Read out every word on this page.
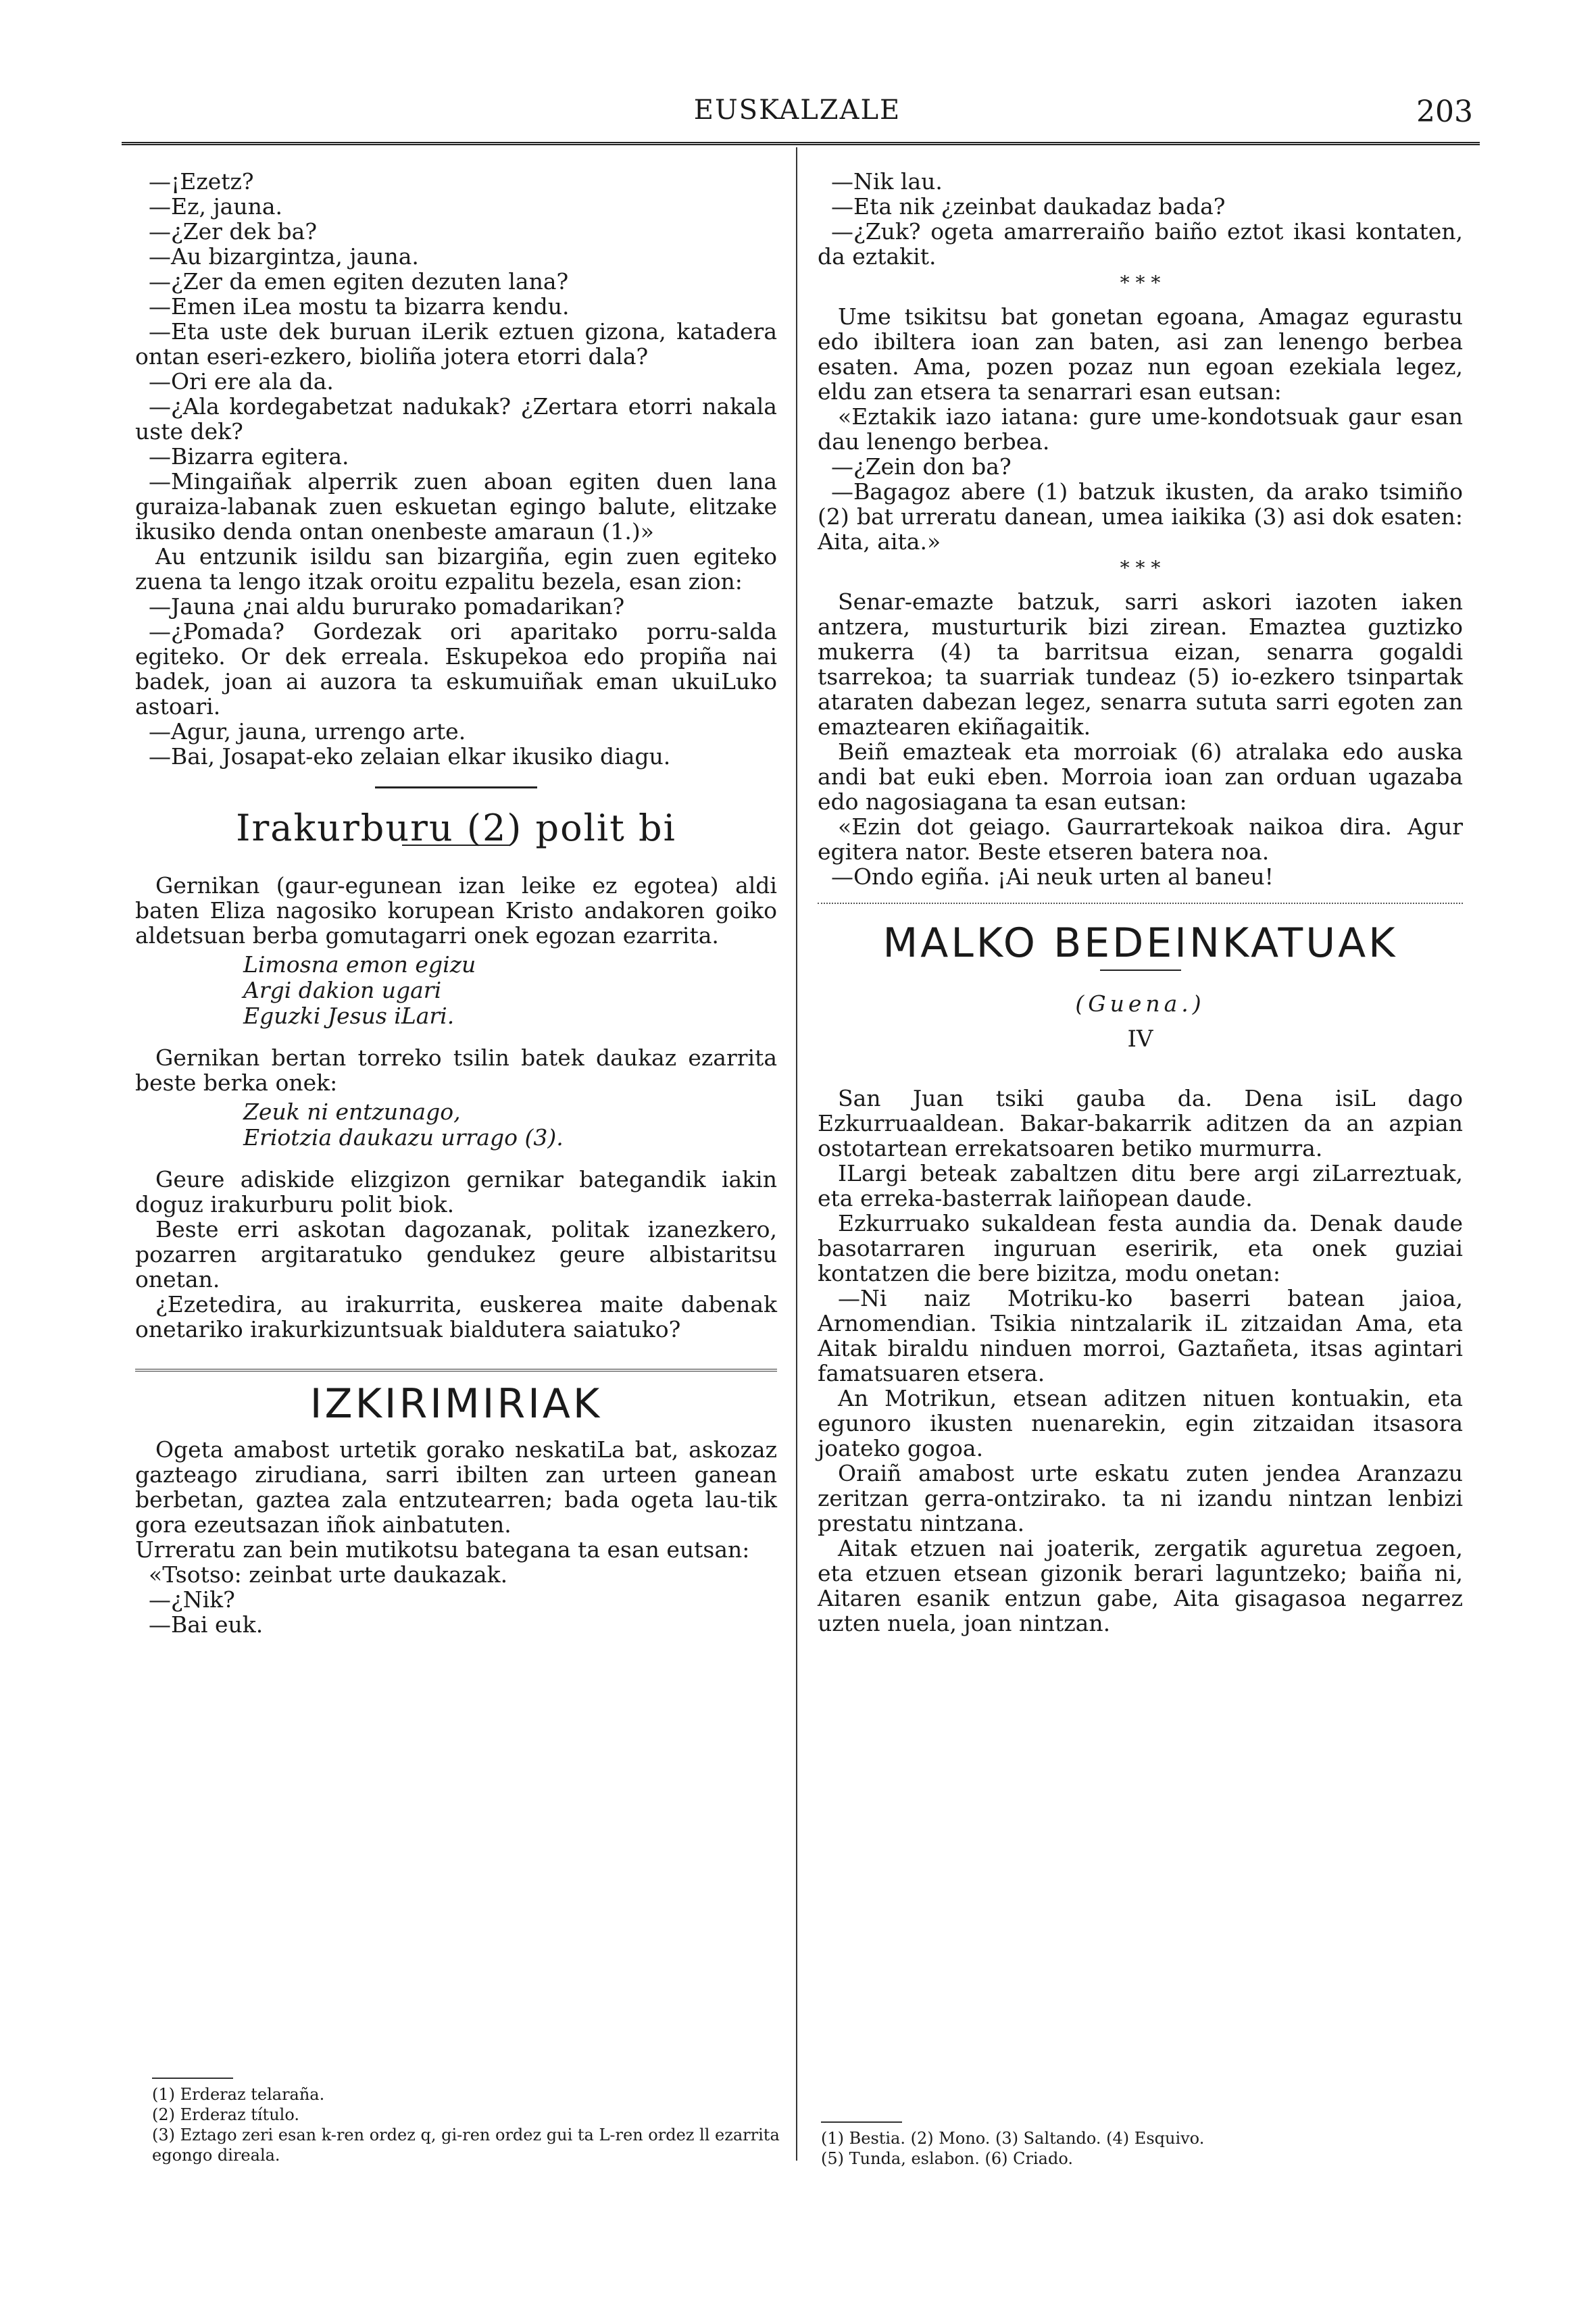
EUSKALZALE	203

—¡Ezetz?

—Ez, jauna.

—¿Zer dek ba?

—Au bizargintza, jauna.

—¿Zer da emen egiten dezuten lana?

—Emen iLea mostu ta bizarra kendu.

—Eta uste dek buruan iLerik eztuen gizona, katadera ontan eseri-ezkero, bioliña jotera etorri dala?

—Ori ere ala da.

—¿Ala kordegabetzat nadukak? ¿Zertara etorri nakala uste dek?

—Bizarra egitera.

—Mingaiñak alperrik zuen aboan egiten duen lana guraiza-labanak zuen eskuetan egingo balute, elitzake ikusiko denda ontan onenbeste amaraun (1.)»

Au entzunik isildu san bizargiña, egin zuen egiteko zuena ta lengo itzak oroitu ezpalitu bezela, esan zion:

—Jauna ¿nai aldu bururako pomadarikan?

—¿Pomada? Gordezak ori aparitako porru-salda egiteko. Or dek erreala. Eskupekoa edo propiña nai badek, joan ai auzora ta eskumuiñak eman ukuiLuko astoari.

—Agur, jauna, urrengo arte.

—Bai, Josapat-eko zelaian elkar ikusiko diagu.

Irakurburu (2) polit bi

Gernikan (gaur-egunean izan leike ez egotea) aldi baten Eliza nagosiko korupean Kristo andakoren goiko aldetsuan berba gomutagarri onek egozan ezarrita.

Limosna emon egizu

Argi dakion ugari

Eguzki Jesus iLari.

Gernikan bertan torreko tsilin batek daukaz ezarrita beste berka onek:

Zeuk ni entzunago,

Eriotzia daukazu urrago (3).

Geure adiskide elizgizon gernikar bategandik iakin doguz irakurburu polit biok.

Beste erri askotan dagozanak, politak izanezkero, pozarren argitaratuko gendukez geure albistaritsu onetan.

¿Ezetedira, au irakurrita, euskerea maite dabenak onetariko irakurkizuntsuak bialdutera saiatuko?

IZKIRIMIRIAK

Ogeta amabost urtetik gorako neskatiLa bat, askozaz gazteago zirudiana, sarri ibilten zan urteen ganean berbetan, gaztea zala entzutearren; bada ogeta lau-tik gora ezeutsazan iñok ainbatuten.

Urreratu zan bein mutikotsu bategana ta esan eutsan:

«Tsotso: zeinbat urte daukazak.

—¿Nik?

—Bai euk.

—Nik lau.

—Eta nik ¿zeinbat daukadaz bada?

—¿Zuk? ogeta amarreraiño baiño eztot ikasi kontaten, da eztakit.

* * *

Ume tsikitsu bat gonetan egoana, Amagaz egurastu edo ibiltera ioan zan baten, asi zan lenengo berbea esaten. Ama, pozen pozaz nun egoan ezekiala legez, eldu zan etsera ta senarrari esan eutsan:

«Eztakik iazo iatana: gure ume-kondotsuak gaur esan dau lenengo berbea.

—¿Zein don ba?

—Bagagoz abere (1) batzuk ikusten, da arako tsimiño (2) bat urreratu danean, umea iaikika (3) asi dok esaten: Aita, aita.»

* * *

Senar-emazte batzuk, sarri askori iazoten iaken antzera, musturturik bizi zirean. Emaztea guztizko mukerra (4) ta barritsua eizan, senarra gogaldi tsarrekoa; ta suarriak tundeaz (5) io-ezkero tsinpartak ataraten dabezan legez, senarra sututa sarri egoten zan emaztearen ekiñagaitik.

Beiñ emazteak eta morroiak (6) atralaka edo auska andi bat euki eben. Morroia ioan zan orduan ugazaba edo nagosiagana ta esan eutsan:

«Ezin dot geiago. Gaurrartekoak naikoa dira. Agur egitera nator. Beste etseren batera noa.

—Ondo egiña. ¡Ai neuk urten al baneu!

MALKO BEDEINKATUAK
(Guena.)
IV

San Juan tsiki gauba da. Dena isiL dago Ezkurruaaldean. Bakar-bakarrik aditzen da an azpian ostotartean errekatsoaren betiko murmurra.

ILargi beteak zabaltzen ditu bere argi ziLarreztuak, eta erreka-basterrak laiñopean daude.

Ezkurruako sukaldean festa aundia da. Denak daude basotarraren inguruan eseririk, eta onek guziai kontatzen die bere bizitza, modu onetan:

—Ni naiz Motriku-ko baserri batean jaioa, Arnomendian. Tsikia nintzalarik iL zitzaidan Ama, eta Aitak biraldu ninduen morroi, Gaztañeta, itsas agintari famatsuaren etsera.

An Motrikun, etsean aditzen nituen kontuakin, eta egunoro ikusten nuenarekin, egin zitzaidan itsasora joateko gogoa.

Oraiñ amabost urte eskatu zuten jendea Aranzazu zeritzan gerra-ontzirako. ta ni izandu nintzan lenbizi prestatu nintzana.

Aitak etzuen nai joaterik, zergatik aguretua zegoen, eta etzuen etsean gizonik berari laguntzeko; baiña ni, Aitaren esanik entzun gabe, Aita gisagasoa negarrez uzten nuela, joan nintzan.

(1) Erderaz telaraña.
(2) Erderaz título.
(3) Eztago zeri esan k-ren ordez q, gi-ren ordez gui ta L-ren ordez ll ezarrita egongo direala.
(1) Bestia. (2) Mono. (3) Saltando. (4) Esquivo.
(5) Tunda, eslabon. (6) Criado.
